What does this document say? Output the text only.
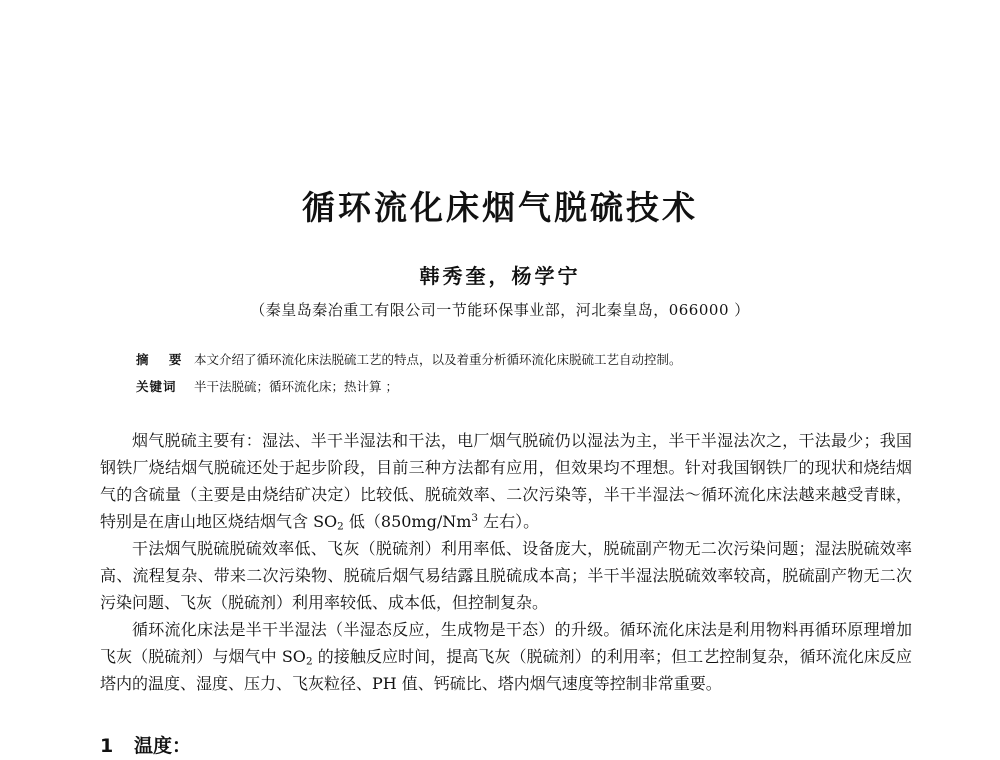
循环流化床烟气脱硫技术
韩秀奎，杨学宁
（秦皇岛秦冶重工有限公司一节能环保事业部，河北秦皇岛，066000 ）
摘 要 本文介绍了循环流化床法脱硫工艺的特点，以及着重分析循环流化床脱硫工艺自动控制。
关键词 半干法脱硫；循环流化床；热计算 ；

烟气脱硫主要有：湿法、半干半湿法和干法，电厂烟气脱硫仍以湿法为主，半干半湿法次之，干法最少；我国钢铁厂烧结烟气脱硫还处于起步阶段，目前三种方法都有应用，但效果均不理想。针对我国钢铁厂的现状和烧结烟气的含硫量（主要是由烧结矿决定）比较低、脱硫效率、二次污染等，半干半湿法～循环流化床法越来越受青睐，特别是在唐山地区烧结烟气含 $SO_2$ 低（850mg/Nm$^3$ 左右）。

干法烟气脱硫脱硫效率低、飞灰（脱硫剂）利用率低、设备庞大，脱硫副产物无二次污染问题；湿法脱硫效率高、流程复杂、带来二次污染物、脱硫后烟气易结露且脱硫成本高；半干半湿法脱硫效率较高，脱硫副产物无二次污染问题、飞灰（脱硫剂）利用率较低、成本低，但控制复杂。

循环流化床法是半干半湿法（半湿态反应，生成物是干态）的升级。循环流化床法是利用物料再循环原理增加飞灰（脱硫剂）与烟气中 $SO_2$ 的接触反应时间，提高飞灰（脱硫剂）的利用率；但工艺控制复杂，循环流化床反应塔内的温度、湿度、压力、飞灰粒径、PH 值、钙硫比、塔内烟气速度等控制非常重要。

1 温度：
